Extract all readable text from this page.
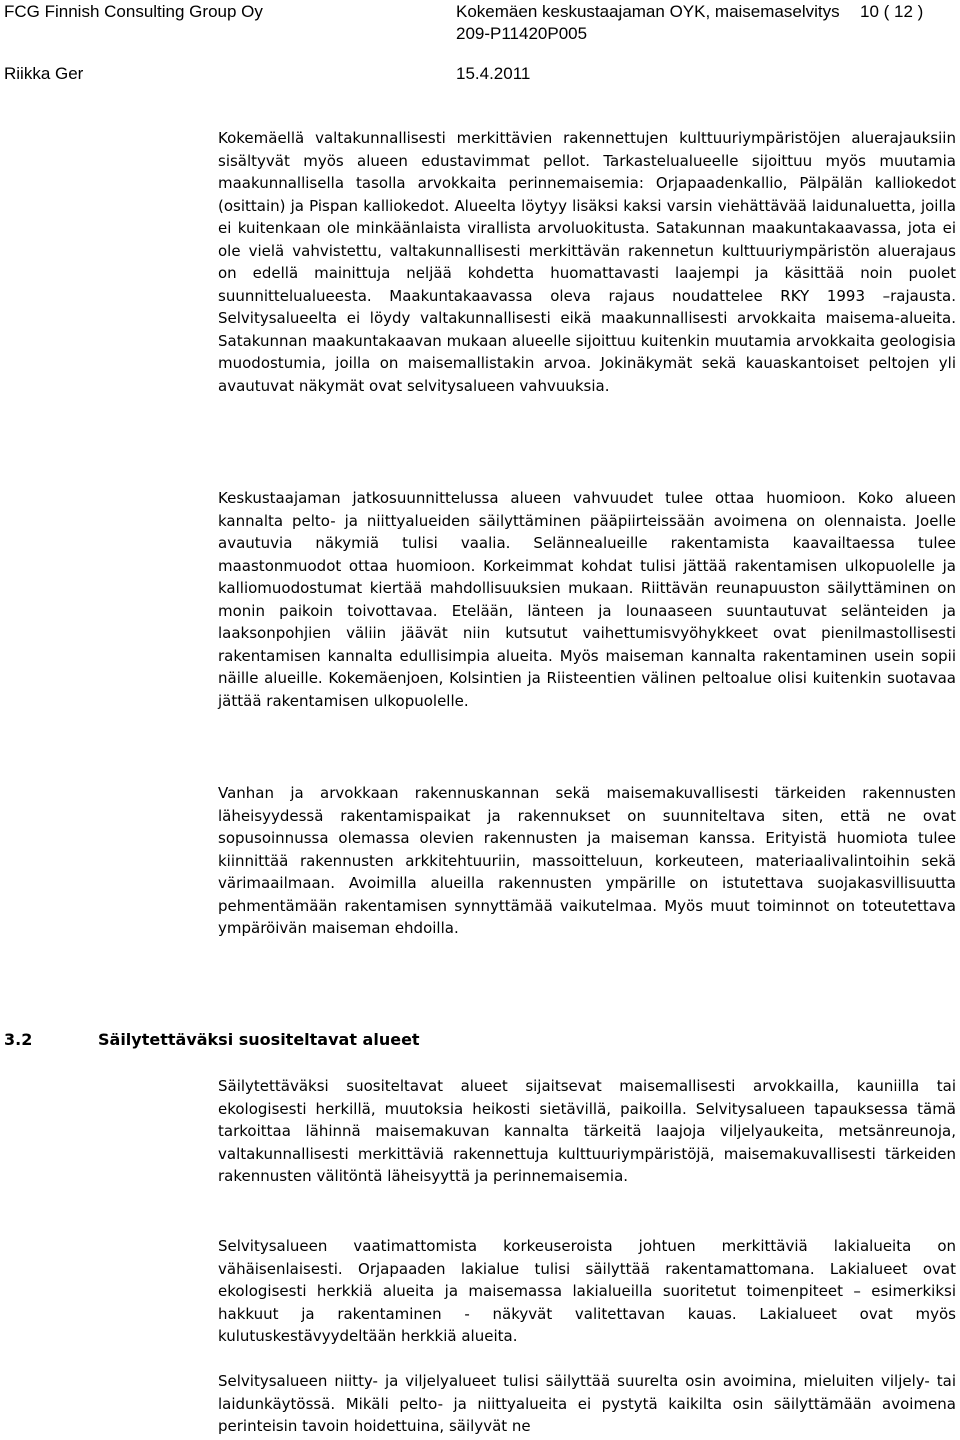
FCG Finnish Consulting Group Oy	Kokemäen keskustaajaman OYK, maisemaselvitys 10 ( 12 )
209-P11420P005
Riikka Ger	15.4.2011

Kokemäellä valtakunnallisesti merkittävien rakennettujen kulttuuriympäristöjen aluerajauksiin sisältyvät myös alueen edustavimmat pellot. Tarkastelualueelle sijoittuu myös muutamia maakunnallisella tasolla arvokkaita perinnemaisemia: Orjapaadenkallio, Pälpälän kalliokedot (osittain) ja Pispan kalliokedot. Alueelta löytyy lisäksi kaksi varsin viehättävää laidunaluetta, joilla ei kuitenkaan ole minkäänlaista virallista arvoluokitusta. Satakunnan maakuntakaavassa, jota ei ole vielä vahvistettu, valtakunnallisesti merkittävän rakennetun kulttuuriympäristön aluerajaus on edellä mainittuja neljää kohdetta huomattavasti laajempi ja käsittää noin puolet suunnittelualueesta. Maakuntakaavassa oleva rajaus noudattelee RKY 1993 –rajausta. Selvitysalueelta ei löydy valtakunnallisesti eikä maakunnallisesti arvokkaita maisema-alueita. Satakunnan maakuntakaavan mukaan alueelle sijoittuu kuitenkin muutamia arvokkaita geologisia muodostumia, joilla on maisemallistakin arvoa. Jokinäkymät sekä kauaskantoiset peltojen yli avautuvat näkymät ovat selvitysalueen vahvuuksia.

Keskustaajaman jatkosuunnittelussa alueen vahvuudet tulee ottaa huomioon. Koko alueen kannalta pelto- ja niittyalueiden säilyttäminen pääpiirteissään avoimena on olennaista. Joelle avautuvia näkymiä tulisi vaalia. Selännealueille rakentamista kaavailtaessa tulee maastonmuodot ottaa huomioon. Korkeimmat kohdat tulisi jättää rakentamisen ulkopuolelle ja kalliomuodostumat kiertää mahdollisuuksien mukaan. Riittävän reunapuuston säilyttäminen on monin paikoin toivottavaa. Etelään, länteen ja lounaaseen suuntautuvat selänteiden ja laaksonpohjien väliin jäävät niin kutsutut vaihettumisvyöhykkeet ovat pienilmastollisesti rakentamisen kannalta edullisimpia alueita. Myös maiseman kannalta rakentaminen usein sopii näille alueille. Kokemäenjoen, Kolsintien ja Riisteentien välinen peltoalue olisi kuitenkin suotavaa jättää rakentamisen ulkopuolelle.

Vanhan ja arvokkaan rakennuskannan sekä maisemakuvallisesti tärkeiden rakennusten läheisyydessä rakentamispaikat ja rakennukset on suunniteltava siten, että ne ovat sopusoinnussa olemassa olevien rakennusten ja maiseman kanssa. Erityistä huomiota tulee kiinnittää rakennusten arkkitehtuuriin, massoitteluun, korkeuteen, materiaalivalintoihin sekä värimaailmaan. Avoimilla alueilla rakennusten ympärille on istutettava suojakasvillisuutta pehmentämään rakentamisen synnyttämää vaikutelmaa. Myös muut toiminnot on toteutettava ympäröivän maiseman ehdoilla.

3.2	Säilytettäväksi suositeltavat alueet

Säilytettäväksi suositeltavat alueet sijaitsevat maisemallisesti arvokkailla, kauniilla tai ekologisesti herkillä, muutoksia heikosti sietävillä, paikoilla. Selvitysalueen tapauksessa tämä tarkoittaa lähinnä maisemakuvan kannalta tärkeitä laajoja viljelyaukeita, metsänreunoja, valtakunnallisesti merkittäviä rakennettuja kulttuuriympäristöjä, maisemakuvallisesti tärkeiden rakennusten välitöntä läheisyyttä ja perinnemaisemia.

Selvitysalueen vaatimattomista korkeuseroista johtuen merkittäviä lakialueita on vähäisenlaisesti. Orjapaaden lakialue tulisi säilyttää rakentamattomana. Lakialueet ovat ekologisesti herkkiä alueita ja maisemassa lakialueilla suoritetut toimenpiteet – esimerkiksi hakkuut ja rakentaminen - näkyvät valitettavan kauas. Lakialueet ovat myös kulutuskestävyydeltään herkkiä alueita.

Selvitysalueen niitty- ja viljelyalueet tulisi säilyttää suurelta osin avoimina, mieluiten viljely- tai laidunkäytössä. Mikäli pelto- ja niittyalueita ei pystytä kaikilta osin säilyttämään avoimena perinteisin tavoin hoidettuina, säilyvät ne
